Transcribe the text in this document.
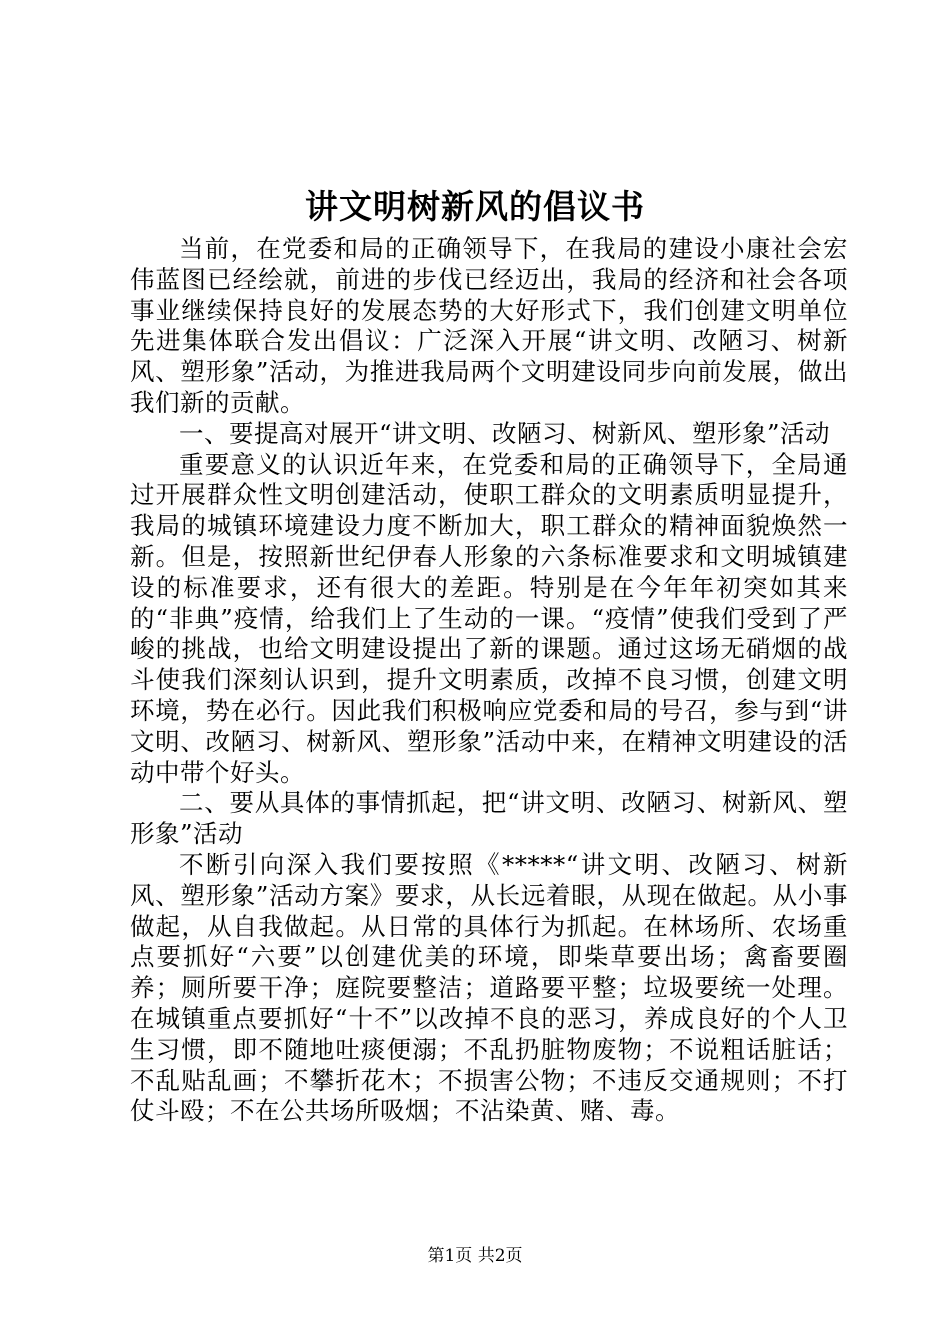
讲文明树新风的倡议书

当前，在党委和局的正确领导下，在我局的建设小康社会宏伟蓝图已经绘就，前进的步伐已经迈出，我局的经济和社会各项事业继续保持良好的发展态势的大好形式下，我们创建文明单位先进集体联合发出倡议：广泛深入开展“讲文明、改陋习、树新风、塑形象”活动，为推进我局两个文明建设同步向前发展，做出我们新的贡献。

一、要提高对展开“讲文明、改陋习、树新风、塑形象”活动

重要意义的认识近年来，在党委和局的正确领导下，全局通过开展群众性文明创建活动，使职工群众的文明素质明显提升，我局的城镇环境建设力度不断加大，职工群众的精神面貌焕然一新。但是，按照新世纪伊春人形象的六条标准要求和文明城镇建设的标准要求，还有很大的差距。特别是在今年年初突如其来的“非典”疫情，给我们上了生动的一课。“疫情”使我们受到了严峻的挑战，也给文明建设提出了新的课题。通过这场无硝烟的战斗使我们深刻认识到，提升文明素质，改掉不良习惯，创建文明环境，势在必行。因此我们积极响应党委和局的号召，参与到“讲文明、改陋习、树新风、塑形象”活动中来，在精神文明建设的活动中带个好头。

二、要从具体的事情抓起，把“讲文明、改陋习、树新风、塑形象”活动

不断引向深入我们要按照《*****“讲文明、改陋习、树新风、塑形象”活动方案》要求，从长远着眼，从现在做起。从小事做起，从自我做起。从日常的具体行为抓起。在林场所、农场重点要抓好“六要”以创建优美的环境，即柴草要出场；禽畜要圈养；厕所要干净；庭院要整洁；道路要平整；垃圾要统一处理。在城镇重点要抓好“十不”以改掉不良的恶习，养成良好的个人卫生习惯，即不随地吐痰便溺；不乱扔脏物废物；不说粗话脏话；不乱贴乱画；不攀折花木；不损害公物；不违反交通规则；不打仗斗殴；不在公共场所吸烟；不沾染黄、赌、毒。

第1页 共2页
